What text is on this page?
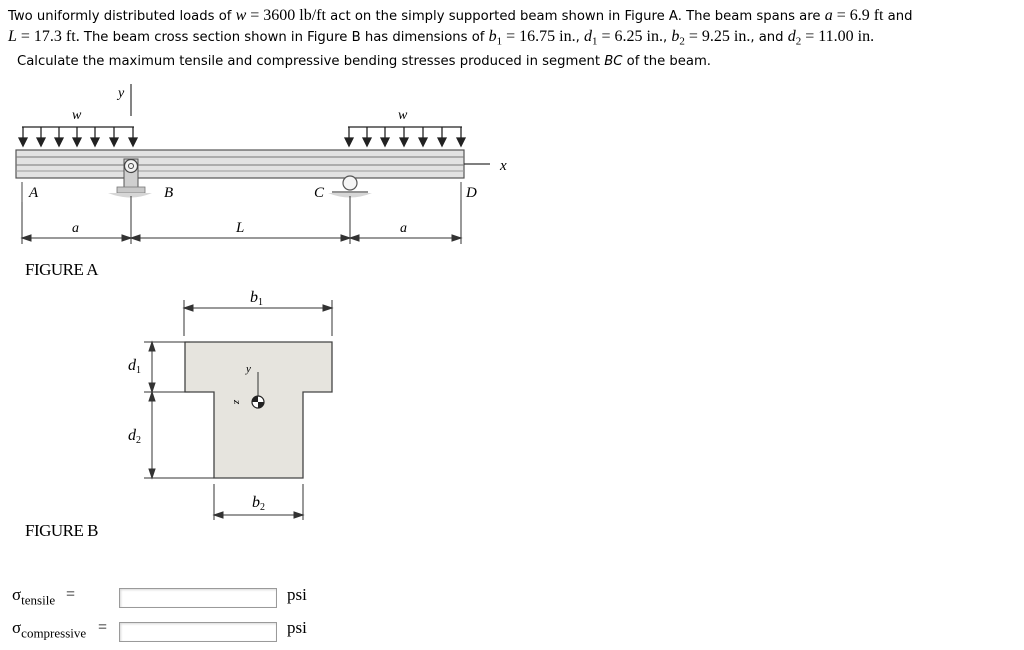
Two uniformly distributed loads of w = 3600 lb/ft act on the simply supported beam shown in Figure A. The beam spans are a = 6.9 ft and

L = 17.3 ft. The beam cross section shown in Figure B has dimensions of $b_1 = 16.75$ in., $d_1 = 6.25$ in., $b_2 = 9.25$ in., and $d_2 = 11.00$ in.

Calculate the maximum tensile and compressive bending stresses produced in segment BC of the beam.

y
w	w
x
A	B	C	D
a	L	a
FIGURE A
b1
y
z
d1
d2
b2
FIGURE B
$\sigma_{tensile}$ =	psi
$\sigma_{compressive}$ =	psi
